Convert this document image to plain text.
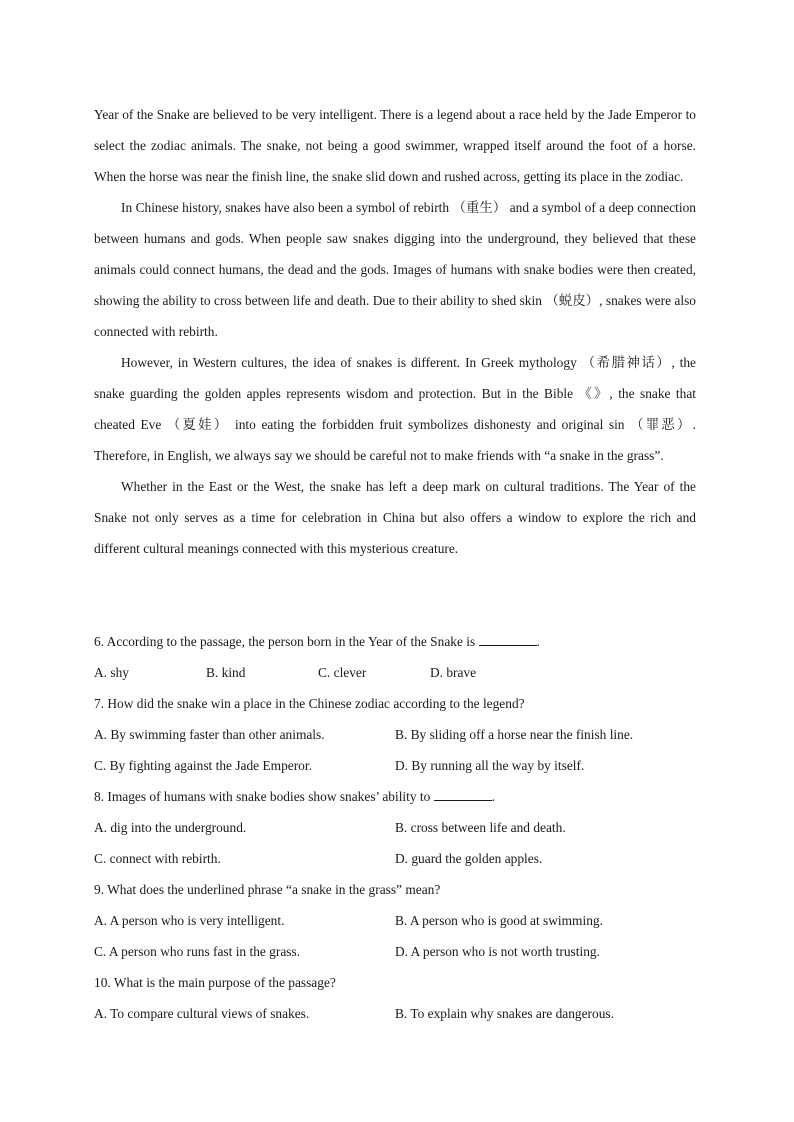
Year of the Snake are believed to be very intelligent. There is a legend about a race held by the Jade Emperor to select the zodiac animals. The snake, not being a good swimmer, wrapped itself around the foot of a horse. When the horse was near the finish line, the snake slid down and rushed across, getting its place in the zodiac.

In Chinese history, snakes have also been a symbol of rebirth （重生） and a symbol of a deep connection between humans and gods. When people saw snakes digging into the underground, they believed that these animals could connect humans, the dead and the gods. Images of humans with snake bodies were then created, showing the ability to cross between life and death. Due to their ability to shed skin （蜕皮）, snakes were also connected with rebirth.

However, in Western cultures, the idea of snakes is different. In Greek mythology （希腊神话）, the snake guarding the golden apples represents wisdom and protection. But in the Bible 《》, the snake that cheated Eve （夏娃） into eating the forbidden fruit symbolizes dishonesty and original sin （罪恶）. Therefore, in English, we always say we should be careful not to make friends with “a snake in the grass”.

Whether in the East or the West, the snake has left a deep mark on cultural traditions. The Year of the Snake not only serves as a time for celebration in China but also offers a window to explore the rich and different cultural meanings connected with this mysterious creature.

6. According to the passage, the person born in the Year of the Snake is	.

A. shy	B. kind	C. clever	D. brave

7. How did the snake win a place in the Chinese zodiac according to the legend?

A. By swimming faster than other animals.	B. By sliding off a horse near the finish line.
C. By fighting against the Jade Emperor.	D. By running all the way by itself.

8. Images of humans with snake bodies show snakes’ ability to	.

A. dig into the underground.	B. cross between life and death.
C. connect with rebirth.	D. guard the golden apples.

9. What does the underlined phrase “a snake in the grass” mean?

A. A person who is very intelligent.	B. A person who is good at swimming.
C. A person who runs fast in the grass.	D. A person who is not worth trusting.

10. What is the main purpose of the passage?

A. To compare cultural views of snakes.	B. To explain why snakes are dangerous.
